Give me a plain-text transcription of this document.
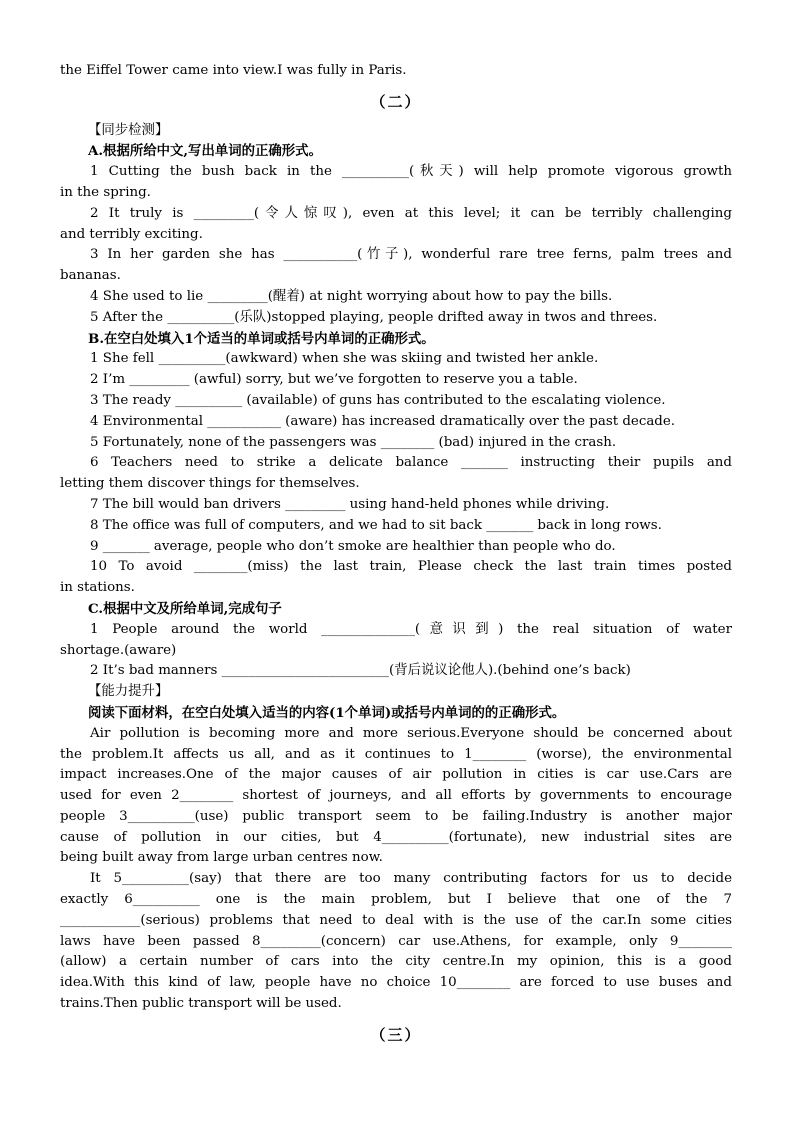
the Eiffel Tower came into view.I was fully in Paris.
（二）
【同步检测】
A.根据所给中文,写出单词的正确形式。
1 Cutting the bush back in the __________(秋天) will help promote vigorous growth
in the spring.
2 It truly is _________(令人惊叹), even at this level; it can be terribly challenging
and terribly exciting.
3 In her garden she has ___________(竹子), wonderful rare tree ferns, palm trees and
bananas.
4 She used to lie _________(醒着) at night worrying about how to pay the bills.
5 After the __________(乐队)stopped playing, people drifted away in twos and threes.
B.在空白处填入1个适当的单词或括号内单词的正确形式。
1 She fell __________(awkward) when she was skiing and twisted her ankle.
2 I’m _________ (awful) sorry, but we’ve forgotten to reserve you a table.
3 The ready __________ (available) of guns has contributed to the escalating violence.
4 Environmental ___________ (aware) has increased dramatically over the past decade.
5 Fortunately, none of the passengers was ________ (bad) injured in the crash.
6 Teachers need to strike a delicate balance _______ instructing their pupils and
letting them discover things for themselves.
7 The bill would ban drivers _________ using hand-held phones while driving.
8 The office was full of computers, and we had to sit back _______ back in long rows.
9 _______ average, people who don’t smoke are healthier than people who do.
10 To avoid ________(miss) the last train, Please check the last train times posted
in stations.
C.根据中文及所给单词,完成句子
1 People around the world ______________(意识到) the real situation of water
shortage.(aware)
2 It’s bad manners _________________________(背后说议论他人).(behind one’s back)
【能力提升】
阅读下面材料，在空白处填入适当的内容(1个单词)或括号内单词的的正确形式。
Air pollution is becoming more and more serious.Everyone should be concerned about
the problem.It affects us all, and as it continues to 1________ (worse), the environmental
impact increases.One of the major causes of air pollution in cities is car use.Cars are
used for even 2________ shortest of journeys, and all efforts by governments to encourage
people 3__________(use) public transport seem to be failing.Industry is another major
cause of pollution in our cities, but 4__________(fortunate), new industrial sites are
being built away from large urban centres now.
It 5__________(say) that there are too many contributing factors for us to decide
exactly 6__________ one is the main problem, but I believe that one of the 7
____________(serious) problems that need to deal with is the use of the car.In some cities
laws have been passed 8_________(concern) car use.Athens, for example, only 9________
(allow) a certain number of cars into the city centre.In my opinion, this is a good
idea.With this kind of law, people have no choice 10________ are forced to use buses and
trains.Then public transport will be used.
（三）
